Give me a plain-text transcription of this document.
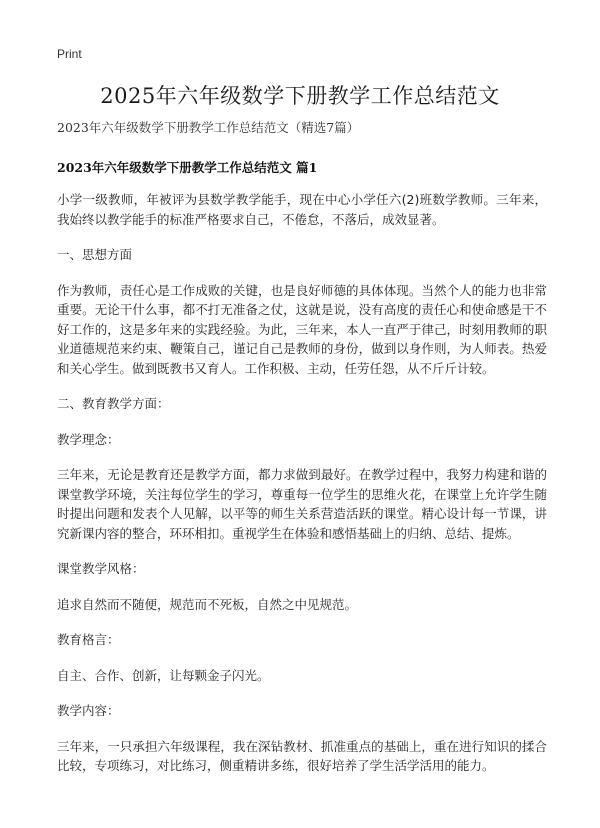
Print
2025年六年级数学下册教学工作总结范文

2023年六年级数学下册教学工作总结范文（精选7篇）

2023年六年级数学下册教学工作总结范文 篇1

小学一级教师，年被评为县数学教学能手，现在中心小学任六(2)班数学教师。三年来，我始终以教学能手的标准严格要求自己，不倦怠，不落后，成效显著。

一、思想方面

作为教师，责任心是工作成败的关键，也是良好师德的具体体现。当然个人的能力也非常重要。无论干什么事，都不打无准备之仗，这就是说，没有高度的责任心和使命感是干不好工作的，这是多年来的实践经验。为此，三年来，本人一直严于律己，时刻用教师的职业道德规范来约束、鞭策自己，谨记自己是教师的身份，做到以身作则，为人师表。热爱和关心学生。做到既教书又育人。工作积极、主动，任劳任怨，从不斤斤计较。

二、教育教学方面：

教学理念：

三年来，无论是教育还是教学方面，都力求做到最好。在教学过程中，我努力构建和谐的课堂教学环境，关注每位学生的学习，尊重每一位学生的思维火花，在课堂上允许学生随时提出问题和发表个人见解，以平等的师生关系营造活跃的课堂。精心设计每一节课，讲究新课内容的整合，环环相扣。重视学生在体验和感悟基础上的归纳、总结、提炼。

课堂教学风格：

追求自然而不随便，规范而不死板，自然之中见规范。

教育格言：

自主、合作、创新，让每颗金子闪光。

教学内容：

三年来，一只承担六年级课程，我在深钻教材、抓准重点的基础上，重在进行知识的揉合比较，专项练习，对比练习，侧重精讲多练，很好培养了学生活学活用的能力。
